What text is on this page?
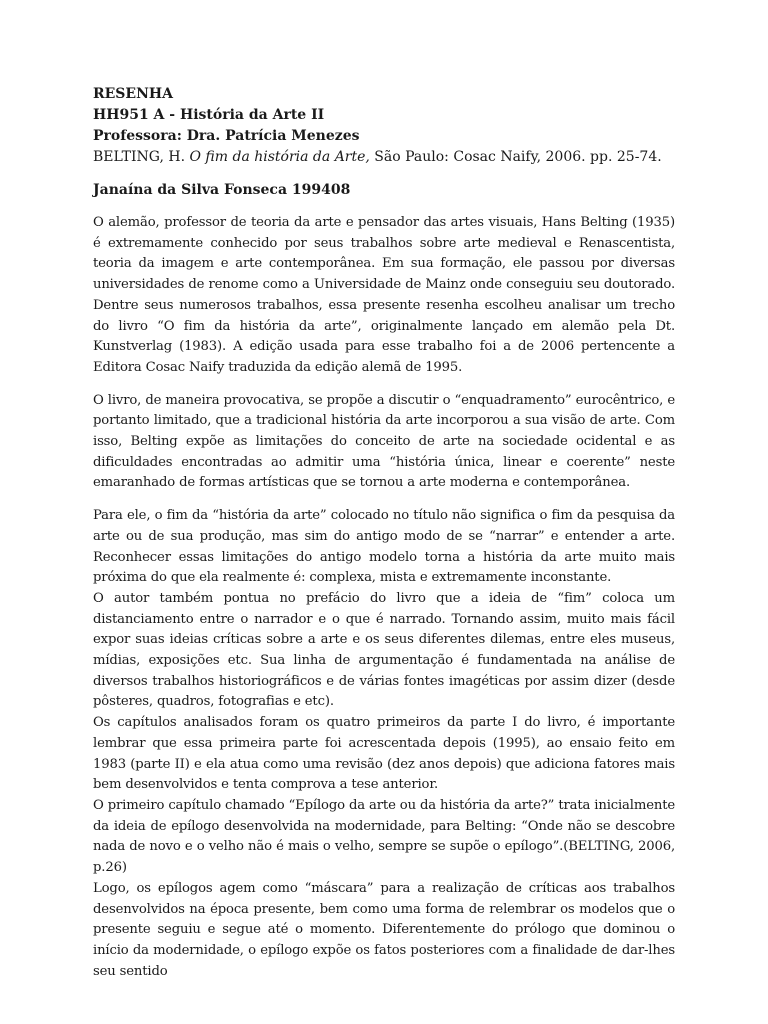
RESENHA

HH951 A - História da Arte II

Professora: Dra. Patrícia Menezes

BELTING, H. O fim da história da Arte, São Paulo: Cosac Naify, 2006. pp. 25-74.

Janaína da Silva Fonseca 199408

O alemão, professor de teoria da arte e pensador das artes visuais, Hans Belting (1935) é extremamente conhecido por seus trabalhos sobre arte medieval e Renascentista, teoria da imagem e arte contemporânea. Em sua formação, ele passou por diversas universidades de renome como a Universidade de Mainz onde conseguiu seu doutorado. Dentre seus numerosos trabalhos, essa presente resenha escolheu analisar um trecho do livro “O fim da história da arte”, originalmente lançado em alemão pela Dt. Kunstverlag (1983). A edição usada para esse trabalho foi a de 2006 pertencente a Editora Cosac Naify traduzida da edição alemã de 1995.

O livro, de maneira provocativa, se propõe a discutir o “enquadramento” eurocêntrico, e portanto limitado, que a tradicional história da arte incorporou a sua visão de arte. Com isso, Belting expõe as limitações do conceito de arte na sociedade ocidental e as dificuldades encontradas ao admitir uma “história única, linear e coerente” neste emaranhado de formas artísticas que se tornou a arte moderna e contemporânea.

Para ele, o fim da “história da arte” colocado no título não significa o fim da pesquisa da arte ou de sua produção, mas sim do antigo modo de se “narrar” e entender a arte. Reconhecer essas limitações do antigo modelo torna a história da arte muito mais próxima do que ela realmente é: complexa, mista e extremamente inconstante.

O autor também pontua no prefácio do livro que a ideia de “fim” coloca um distanciamento entre o narrador e o que é narrado. Tornando assim, muito mais fácil expor suas ideias críticas sobre a arte e os seus diferentes dilemas, entre eles museus, mídias, exposições etc. Sua linha de argumentação é fundamentada na análise de diversos trabalhos historiográficos e de várias fontes imagéticas por assim dizer (desde pôsteres, quadros, fotografias e etc).

Os capítulos analisados foram os quatro primeiros da parte I do livro, é importante lembrar que essa primeira parte foi acrescentada depois (1995), ao ensaio feito em 1983 (parte II) e ela atua como uma revisão (dez anos depois) que adiciona fatores mais bem desenvolvidos e tenta comprova a tese anterior.

O primeiro capítulo chamado “Epílogo da arte ou da história da arte?” trata inicialmente da ideia de epílogo desenvolvida na modernidade, para Belting: “Onde não se descobre nada de novo e o velho não é mais o velho, sempre se supõe o epílogo”.(BELTING, 2006, p.26)

Logo, os epílogos agem como “máscara” para a realização de críticas aos trabalhos desenvolvidos na época presente, bem como uma forma de relembrar os modelos que o presente seguiu e segue até o momento. Diferentemente do prólogo que dominou o início da modernidade, o epílogo expõe os fatos posteriores com a finalidade de dar-lhes seu sentido
